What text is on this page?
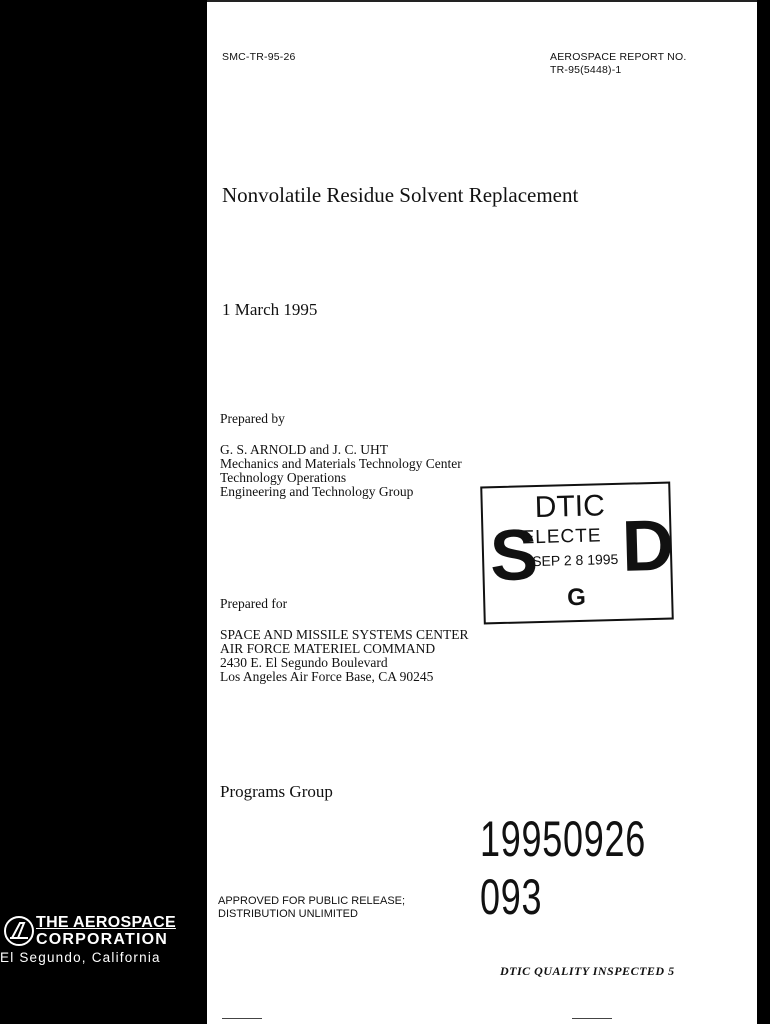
SMC-TR-95-26	AEROSPACE REPORT NO.
TR-95(5448)-1
Nonvolatile Residue Solvent Replacement
1 March 1995
Prepared by
G. S. ARNOLD and J. C. UHT
Mechanics and Materials Technology Center
Technology Operations
Engineering and Technology Group
S
DTIC
ELECTE
SEP 2 8 1995
G
D
Prepared for
SPACE AND MISSILE SYSTEMS CENTER
AIR FORCE MATERIEL COMMAND
2430 E. El Segundo Boulevard
Los Angeles Air Force Base, CA 90245
Programs Group
19950926 093
APPROVED FOR PUBLIC RELEASE;
DISTRIBUTION UNLIMITED
DTIC QUALITY INSPECTED 5
THE AEROSPACE
CORPORATION
El Segundo, California
